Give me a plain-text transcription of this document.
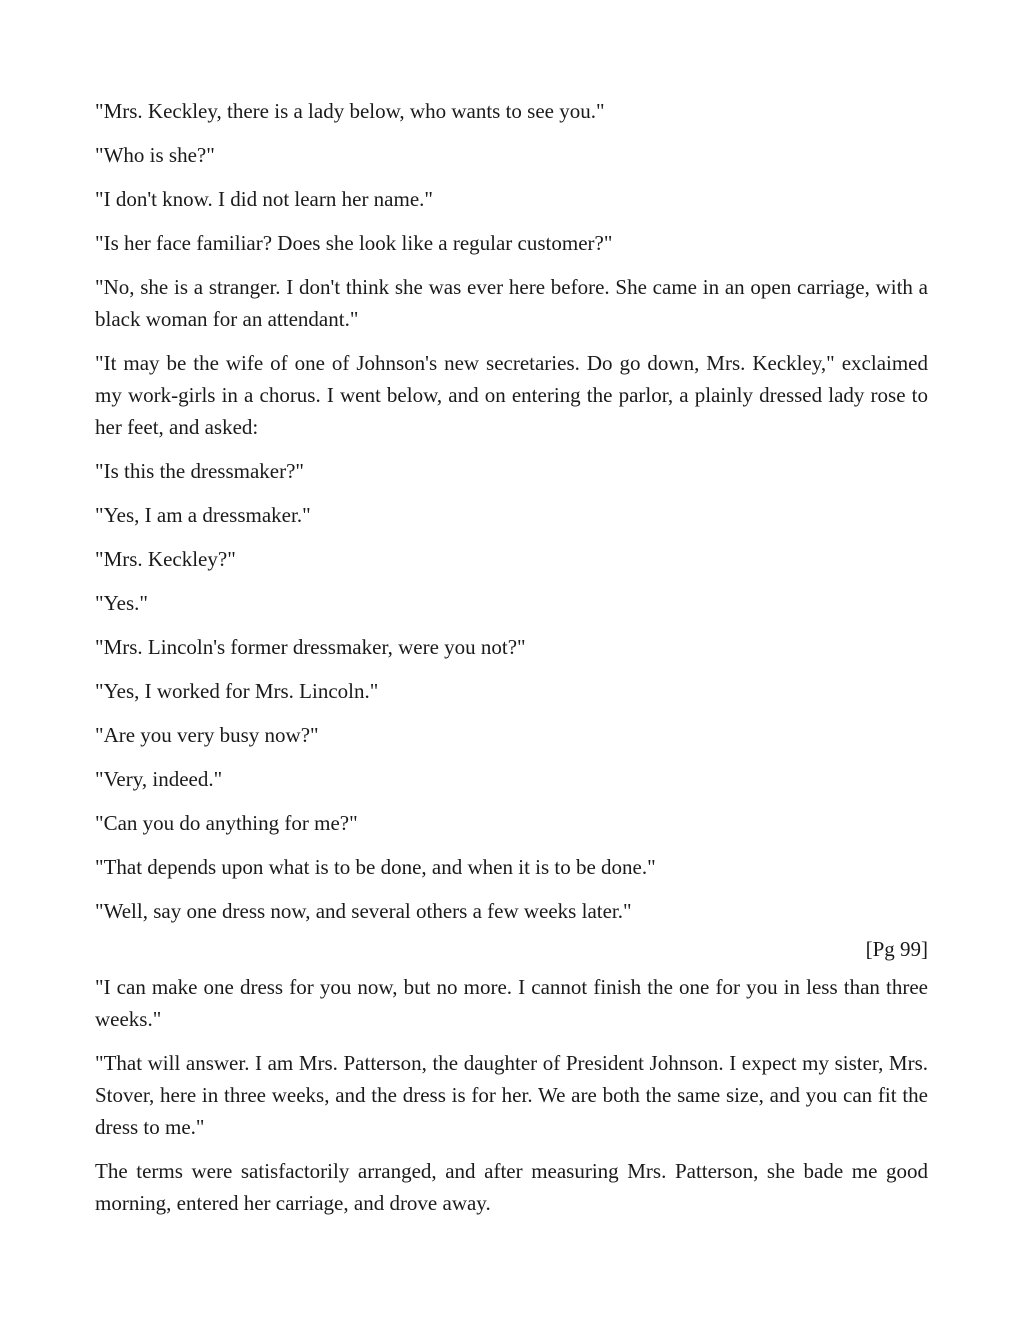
"Mrs. Keckley, there is a lady below, who wants to see you."

"Who is she?"

"I don't know. I did not learn her name."

"Is her face familiar? Does she look like a regular customer?"

"No, she is a stranger. I don't think she was ever here before. She came in an open carriage, with a black woman for an attendant."

"It may be the wife of one of Johnson's new secretaries. Do go down, Mrs. Keckley," exclaimed my work-girls in a chorus. I went below, and on entering the parlor, a plainly dressed lady rose to her feet, and asked:

"Is this the dressmaker?"

"Yes, I am a dressmaker."

"Mrs. Keckley?"

"Yes."

"Mrs. Lincoln's former dressmaker, were you not?"

"Yes, I worked for Mrs. Lincoln."

"Are you very busy now?"

"Very, indeed."

"Can you do anything for me?"

"That depends upon what is to be done, and when it is to be done."

"Well, say one dress now, and several others a few weeks later."

[Pg 99]

"I can make one dress for you now, but no more. I cannot finish the one for you in less than three weeks."

"That will answer. I am Mrs. Patterson, the daughter of President Johnson. I expect my sister, Mrs. Stover, here in three weeks, and the dress is for her. We are both the same size, and you can fit the dress to me."

The terms were satisfactorily arranged, and after measuring Mrs. Patterson, she bade me good morning, entered her carriage, and drove away.
